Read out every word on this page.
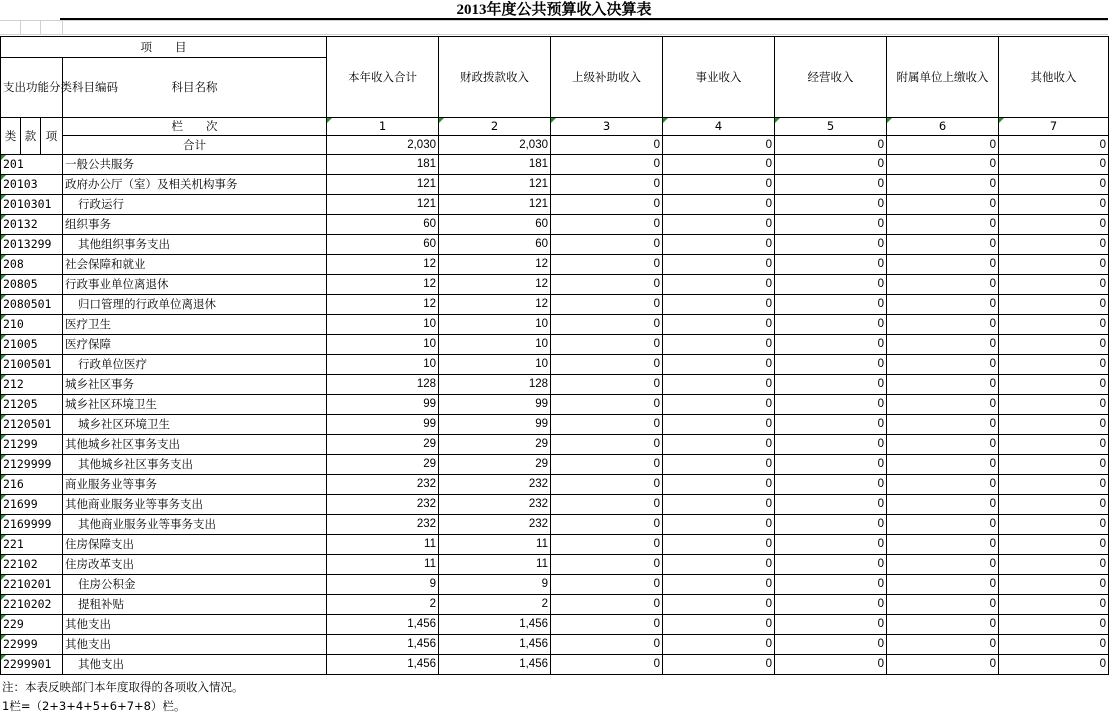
2013年度公共预算收入决算表
项　　目				本年收入合计	财政拨款收入	上级补助收入	事业收入	经营收入	附属单位上缴收入	其他收入
支出功能分类科目编码			科目名称							
类	款	项	栏　　次	1	2	3	4	5	6	7
			合计	2,030	2,030	0	0	0	0	0
201			一般公共服务	181	181	0	0	0	0	0
20103			政府办公厅（室）及相关机构事务	121	121	0	0	0	0	0
2010301			行政运行	121	121	0	0	0	0	0
20132			组织事务	60	60	0	0	0	0	0
2013299			其他组织事务支出	60	60	0	0	0	0	0
208			社会保障和就业	12	12	0	0	0	0	0
20805			行政事业单位离退休	12	12	0	0	0	0	0
2080501			归口管理的行政单位离退休	12	12	0	0	0	0	0
210			医疗卫生	10	10	0	0	0	0	0
21005			医疗保障	10	10	0	0	0	0	0
2100501			行政单位医疗	10	10	0	0	0	0	0
212			城乡社区事务	128	128	0	0	0	0	0
21205			城乡社区环境卫生	99	99	0	0	0	0	0
2120501			城乡社区环境卫生	99	99	0	0	0	0	0
21299			其他城乡社区事务支出	29	29	0	0	0	0	0
2129999			其他城乡社区事务支出	29	29	0	0	0	0	0
216			商业服务业等事务	232	232	0	0	0	0	0
21699			其他商业服务业等事务支出	232	232	0	0	0	0	0
2169999			其他商业服务业等事务支出	232	232	0	0	0	0	0
221			住房保障支出	11	11	0	0	0	0	0
22102			住房改革支出	11	11	0	0	0	0	0
2210201			住房公积金	9	9	0	0	0	0	0
2210202			提租补贴	2	2	0	0	0	0	0
229			其他支出	1,456	1,456	0	0	0	0	0
22999			其他支出	1,456	1,456	0	0	0	0	0
2299901			其他支出	1,456	1,456	0	0	0	0	0
注：本表反映部门本年度取得的各项收入情况。
1栏=（2+3+4+5+6+7+8）栏。
